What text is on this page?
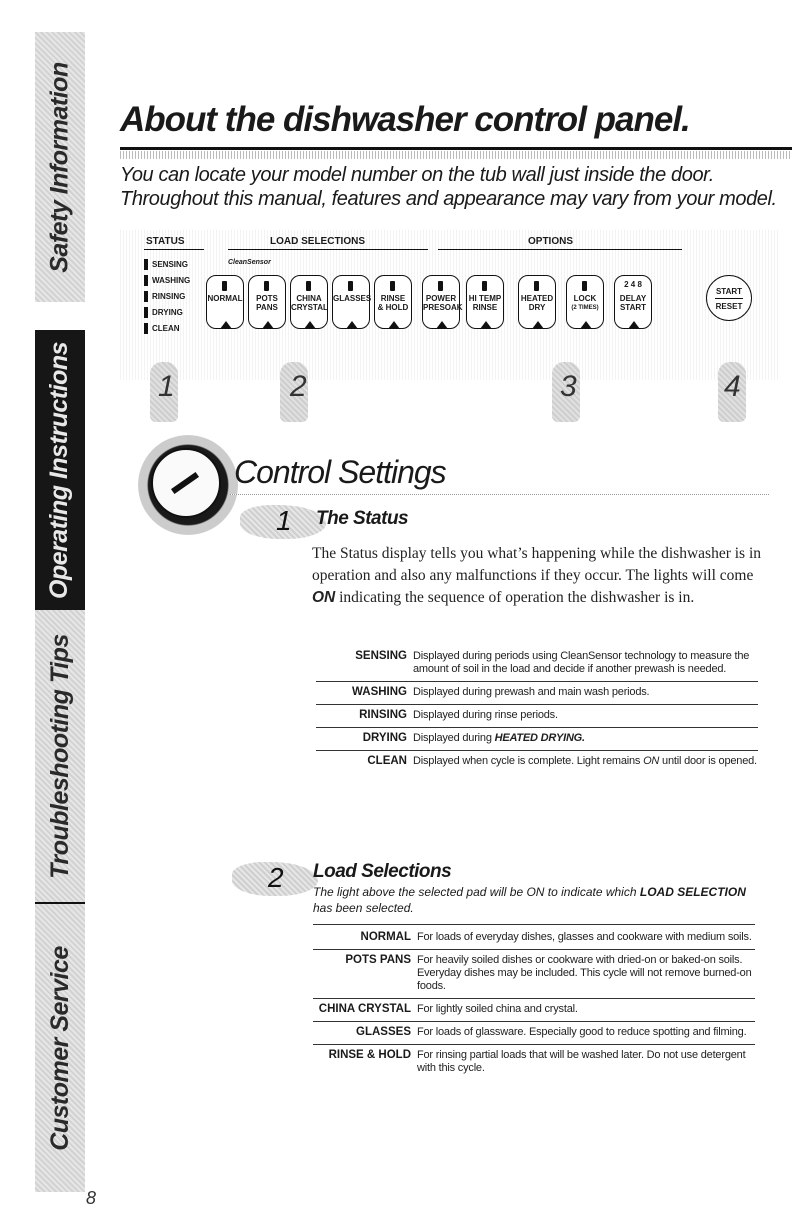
Safety Information
Operating Instructions
Troubleshooting Tips
Customer Service
8
About the dishwasher control panel.
You can locate your model number on the tub wall just inside the door.
Throughout this manual, features and appearance may vary from your model.
STATUS	LOAD SELECTIONS	OPTIONS
CleanSensor
SENSING
WASHING
RINSING
DRYING
CLEAN
NORMAL	POTS
PANS
CHINA
CRYSTAL
GLASSES	RINSE
& HOLD
POWER
PRESOAK
HI TEMP
RINSE
HEATED
DRY
LOCK
(2 TIMES)
2 4 8
DELAY
START
START
RESET
1	2	3	4
Control Settings
1 The Status
The Status display tells you what’s happening while the dishwasher is in operation and also any malfunctions if they occur. The lights will come ON indicating the sequence of operation the dishwasher is in.
SENSING Displayed during periods using CleanSensor technology to measure the amount of soil in the load and decide if another prewash is needed.
WASHING Displayed during prewash and main wash periods.
RINSING Displayed during rinse periods.
DRYING Displayed during HEATED DRYING.
CLEAN Displayed when cycle is complete. Light remains ON until door is opened.
2 Load Selections
The light above the selected pad will be ON to indicate which LOAD SELECTION has been selected.
NORMAL For loads of everyday dishes, glasses and cookware with medium soils.
POTS PANS For heavily soiled dishes or cookware with dried-on or baked-on soils. Everyday dishes may be included. This cycle will not remove burned-on foods.
CHINA CRYSTAL For lightly soiled china and crystal.
GLASSES For loads of glassware. Especially good to reduce spotting and filming.
RINSE & HOLD For rinsing partial loads that will be washed later. Do not use detergent with this cycle.
